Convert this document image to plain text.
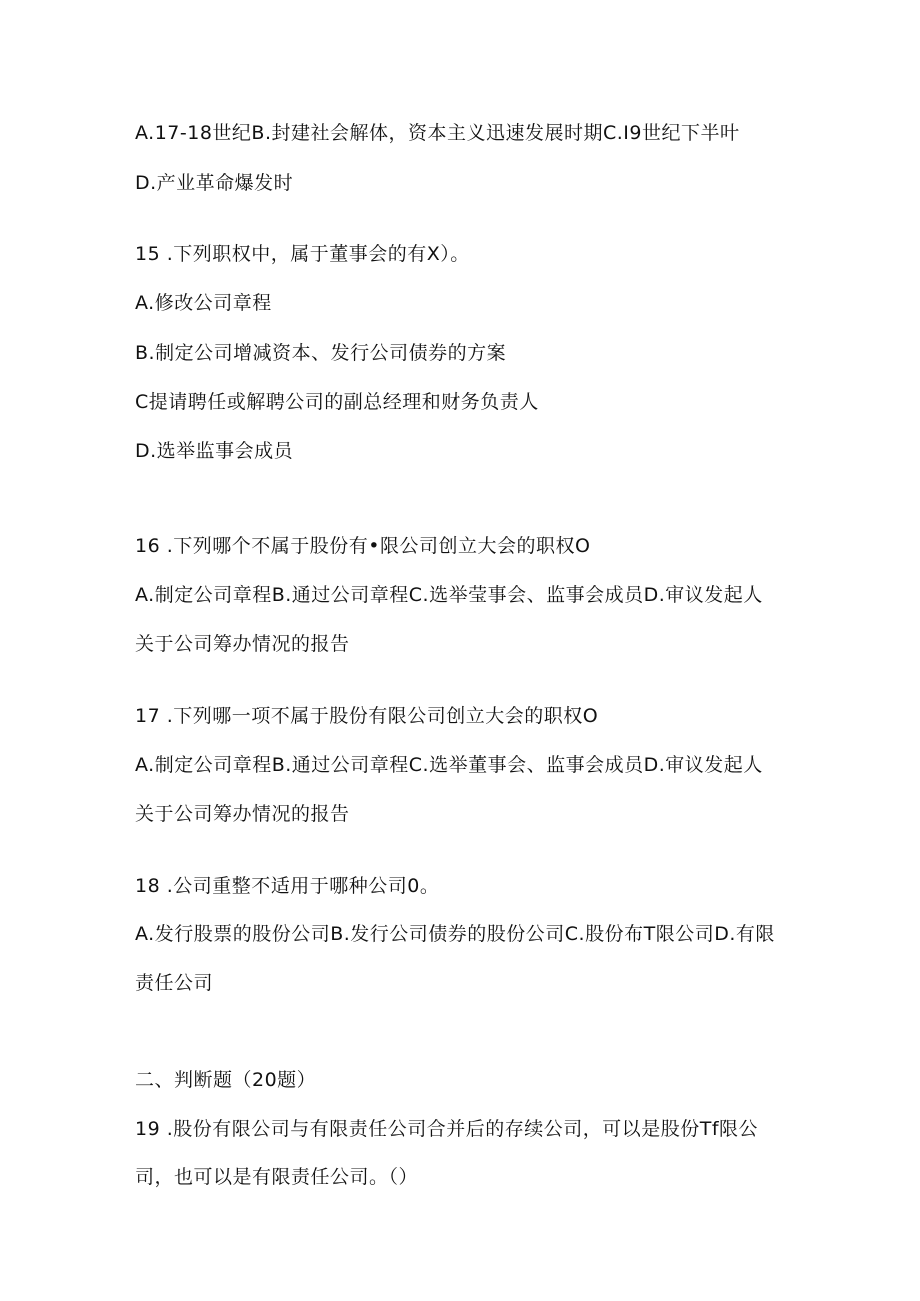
A.17-18世纪B.封建社会解体，资本主义迅速发展时期C.I9世纪下半叶
D.产业革命爆发时
15 .下列职权中，属于董事会的有X）。
A.修改公司章程
B.制定公司增减资本、发行公司债券的方案
C提请聘任或解聘公司的副总经理和财务负责人
D.选举监事会成员
16 .下列哪个不属于股份有•限公司创立大会的职权O
A.制定公司章程B.通过公司章程C.选举莹事会、监事会成员D.审议发起人
关于公司筹办情况的报告
17 .下列哪一项不属于股份有限公司创立大会的职权O
A.制定公司章程B.通过公司章程C.选举董事会、监事会成员D.审议发起人
关于公司筹办情况的报告
18 .公司重整不适用于哪种公司0。
A.发行股票的股份公司B.发行公司债券的股份公司C.股份布T限公司D.有限
责任公司
二、判断题（20题）
19 .股份有限公司与有限责任公司合并后的存续公司，可以是股份Tf限公
司，也可以是有限责任公司。（）
